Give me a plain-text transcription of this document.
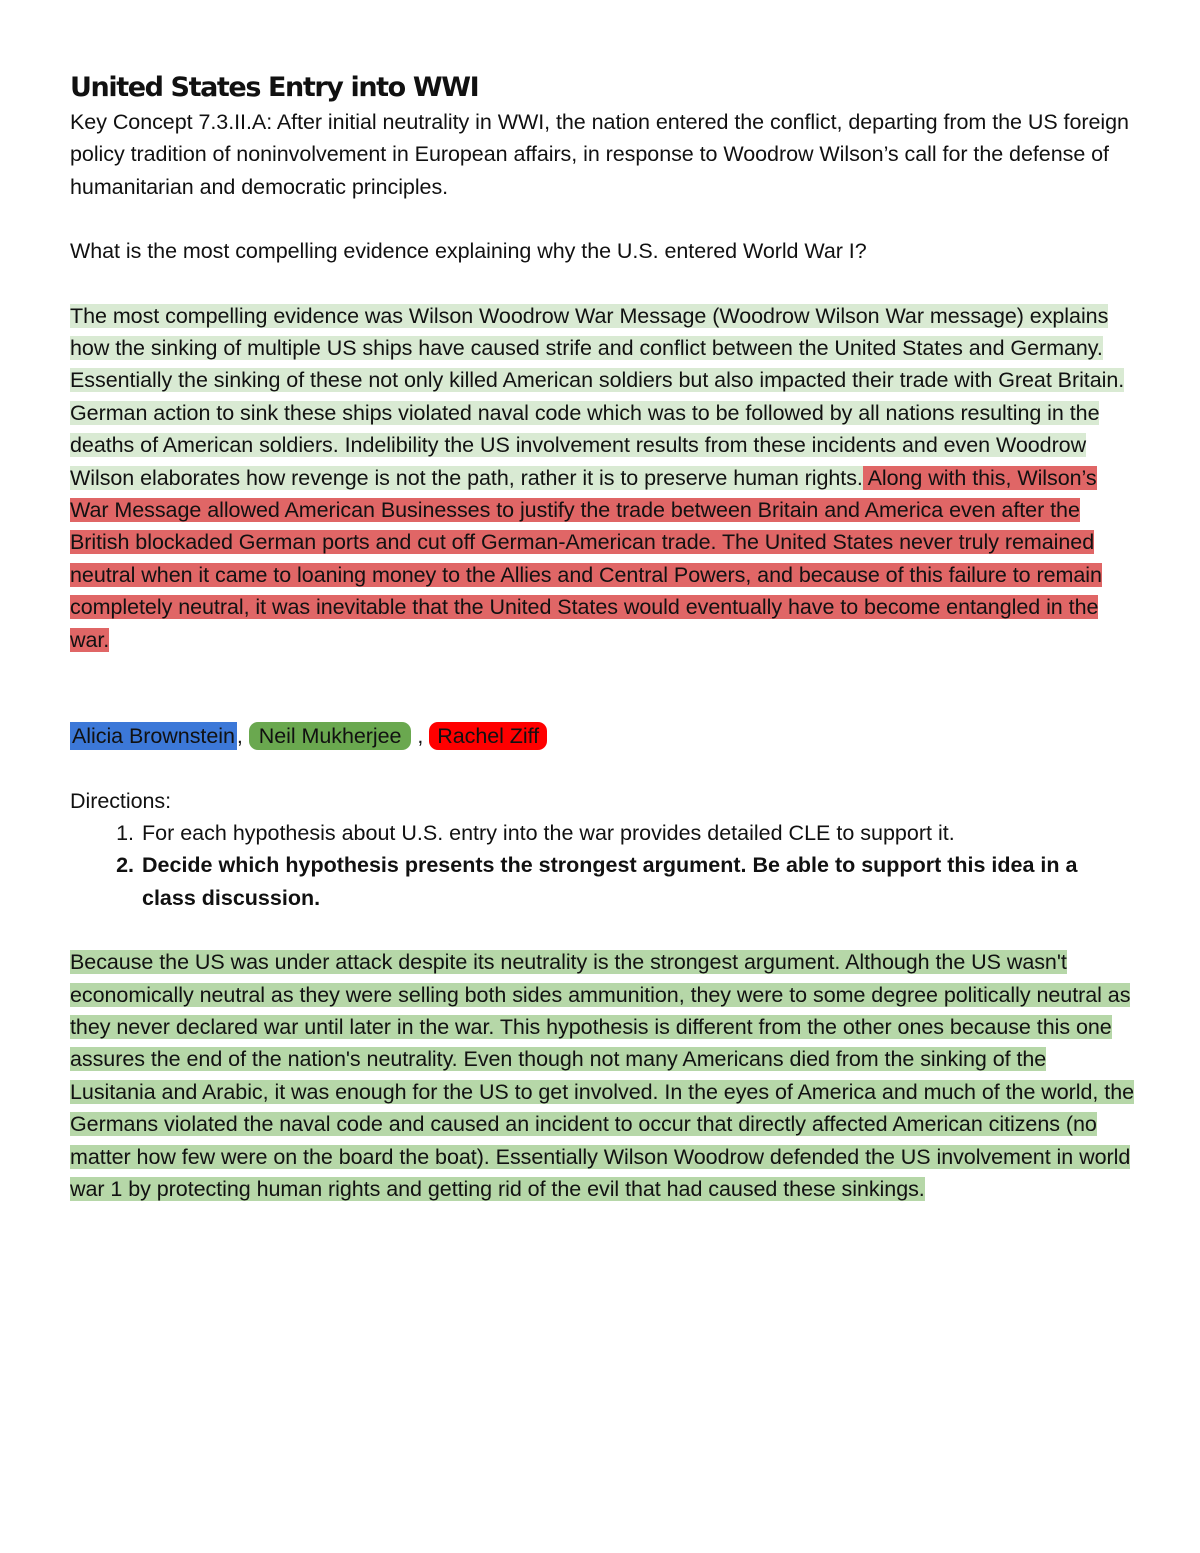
United States Entry into WWI

Key Concept 7.3.II.A: After initial neutrality in WWI, the nation entered the conflict, departing from the US foreign policy tradition of noninvolvement in European affairs, in response to Woodrow Wilson’s call for the defense of humanitarian and democratic principles.

What is the most compelling evidence explaining why the U.S. entered World War I?

The most compelling evidence was Wilson Woodrow War Message (Woodrow Wilson War message) explains how the sinking of multiple US ships have caused strife and conflict between the United States and Germany. Essentially the sinking of these not only killed American soldiers but also impacted their trade with Great Britain. German action to sink these ships violated naval code which was to be followed by all nations resulting in the deaths of American soldiers. Indelibility the US involvement results from these incidents and even Woodrow Wilson elaborates how revenge is not the path, rather it is to preserve human rights. Along with this, Wilson’s War Message allowed American Businesses to justify the trade between Britain and America even after the British blockaded German ports and cut off German-American trade. The United States never truly remained neutral when it came to loaning money to the Allies and Central Powers, and because of this failure to remain completely neutral, it was inevitable that the United States would eventually have to become entangled in the war.

Alicia Brownstein, Neil Mukherjee , Rachel Ziff

Directions:

1. For each hypothesis about U.S. entry into the war provides detailed CLE to support it.
2. Decide which hypothesis presents the strongest argument. Be able to support this idea in a class discussion.

Because the US was under attack despite its neutrality is the strongest argument. Although the US wasn't economically neutral as they were selling both sides ammunition, they were to some degree politically neutral as they never declared war until later in the war. This hypothesis is different from the other ones because this one assures the end of the nation's neutrality. Even though not many Americans died from the sinking of the Lusitania and Arabic, it was enough for the US to get involved. In the eyes of America and much of the world, the Germans violated the naval code and caused an incident to occur that directly affected American citizens (no matter how few were on the board the boat). Essentially Wilson Woodrow defended the US involvement in world war 1 by protecting human rights and getting rid of the evil that had caused these sinkings.
